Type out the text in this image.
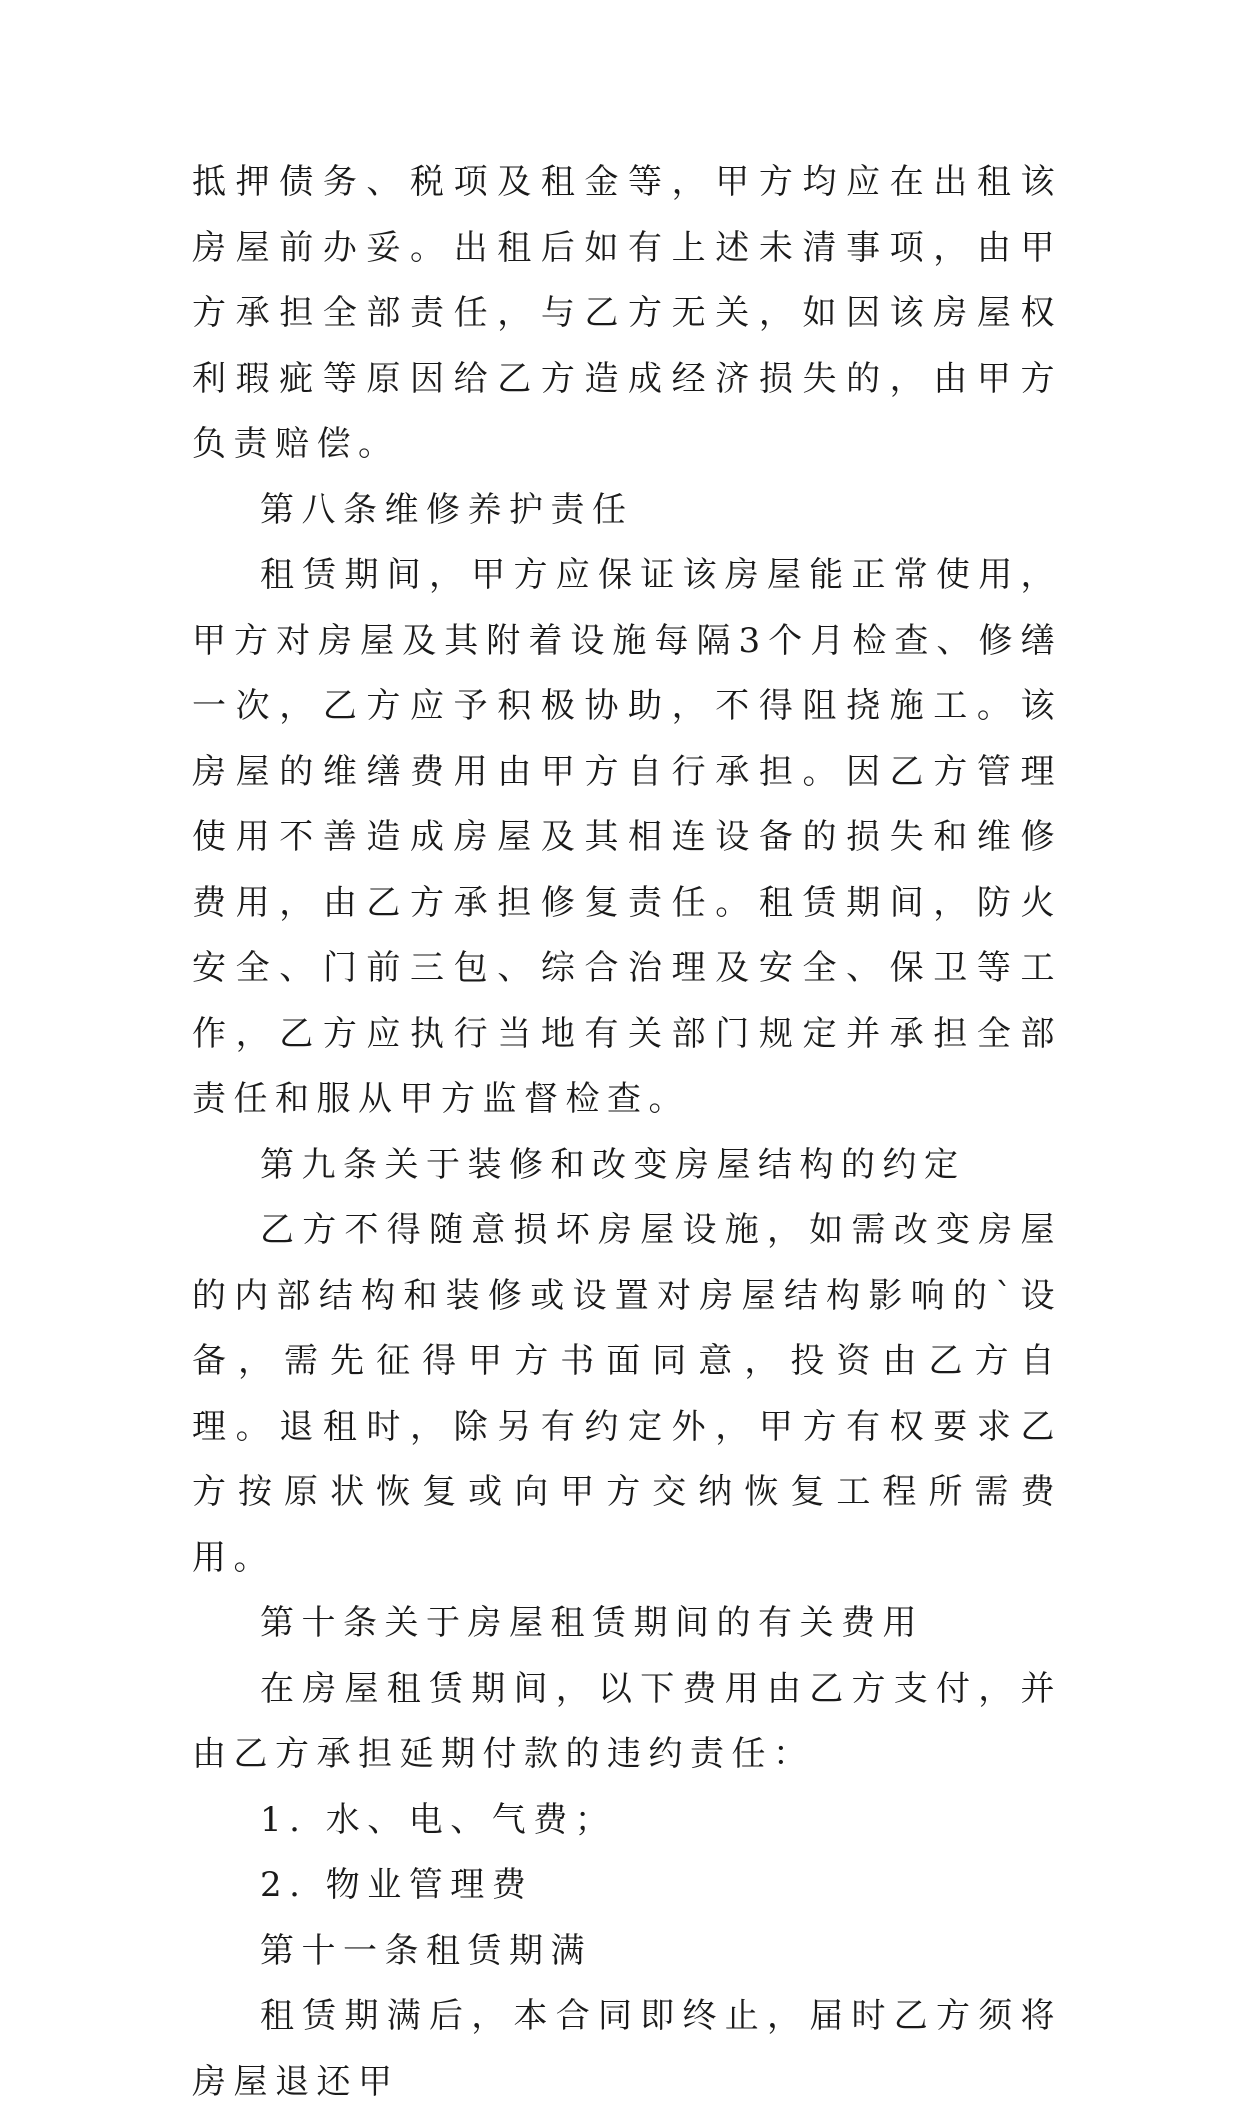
抵押债务、税项及租金等，甲方均应在出租该房屋前办妥。出租后如有上述未清事项，由甲方承担全部责任，与乙方无关，如因该房屋权利瑕疵等原因给乙方造成经济损失的，由甲方负责赔偿。

第八条维修养护责任

租赁期间，甲方应保证该房屋能正常使用，甲方对房屋及其附着设施每隔3个月检查、修缮一次，乙方应予积极协助，不得阻挠施工。该房屋的维缮费用由甲方自行承担。因乙方管理使用不善造成房屋及其相连设备的损失和维修费用，由乙方承担修复责任。租赁期间，防火安全、门前三包、综合治理及安全、保卫等工作，乙方应执行当地有关部门规定并承担全部责任和服从甲方监督检查。

第九条关于装修和改变房屋结构的约定

乙方不得随意损坏房屋设施，如需改变房屋的内部结构和装修或设置对房屋结构影响的`设备，需先征得甲方书面同意，投资由乙方自理。退租时，除另有约定外，甲方有权要求乙方按原状恢复或向甲方交纳恢复工程所需费用。

第十条关于房屋租赁期间的有关费用

在房屋租赁期间，以下费用由乙方支付，并由乙方承担延期付款的违约责任：

1. 水、电、气费；

2. 物业管理费

第十一条租赁期满

租赁期满后，本合同即终止，届时乙方须将房屋退还甲
